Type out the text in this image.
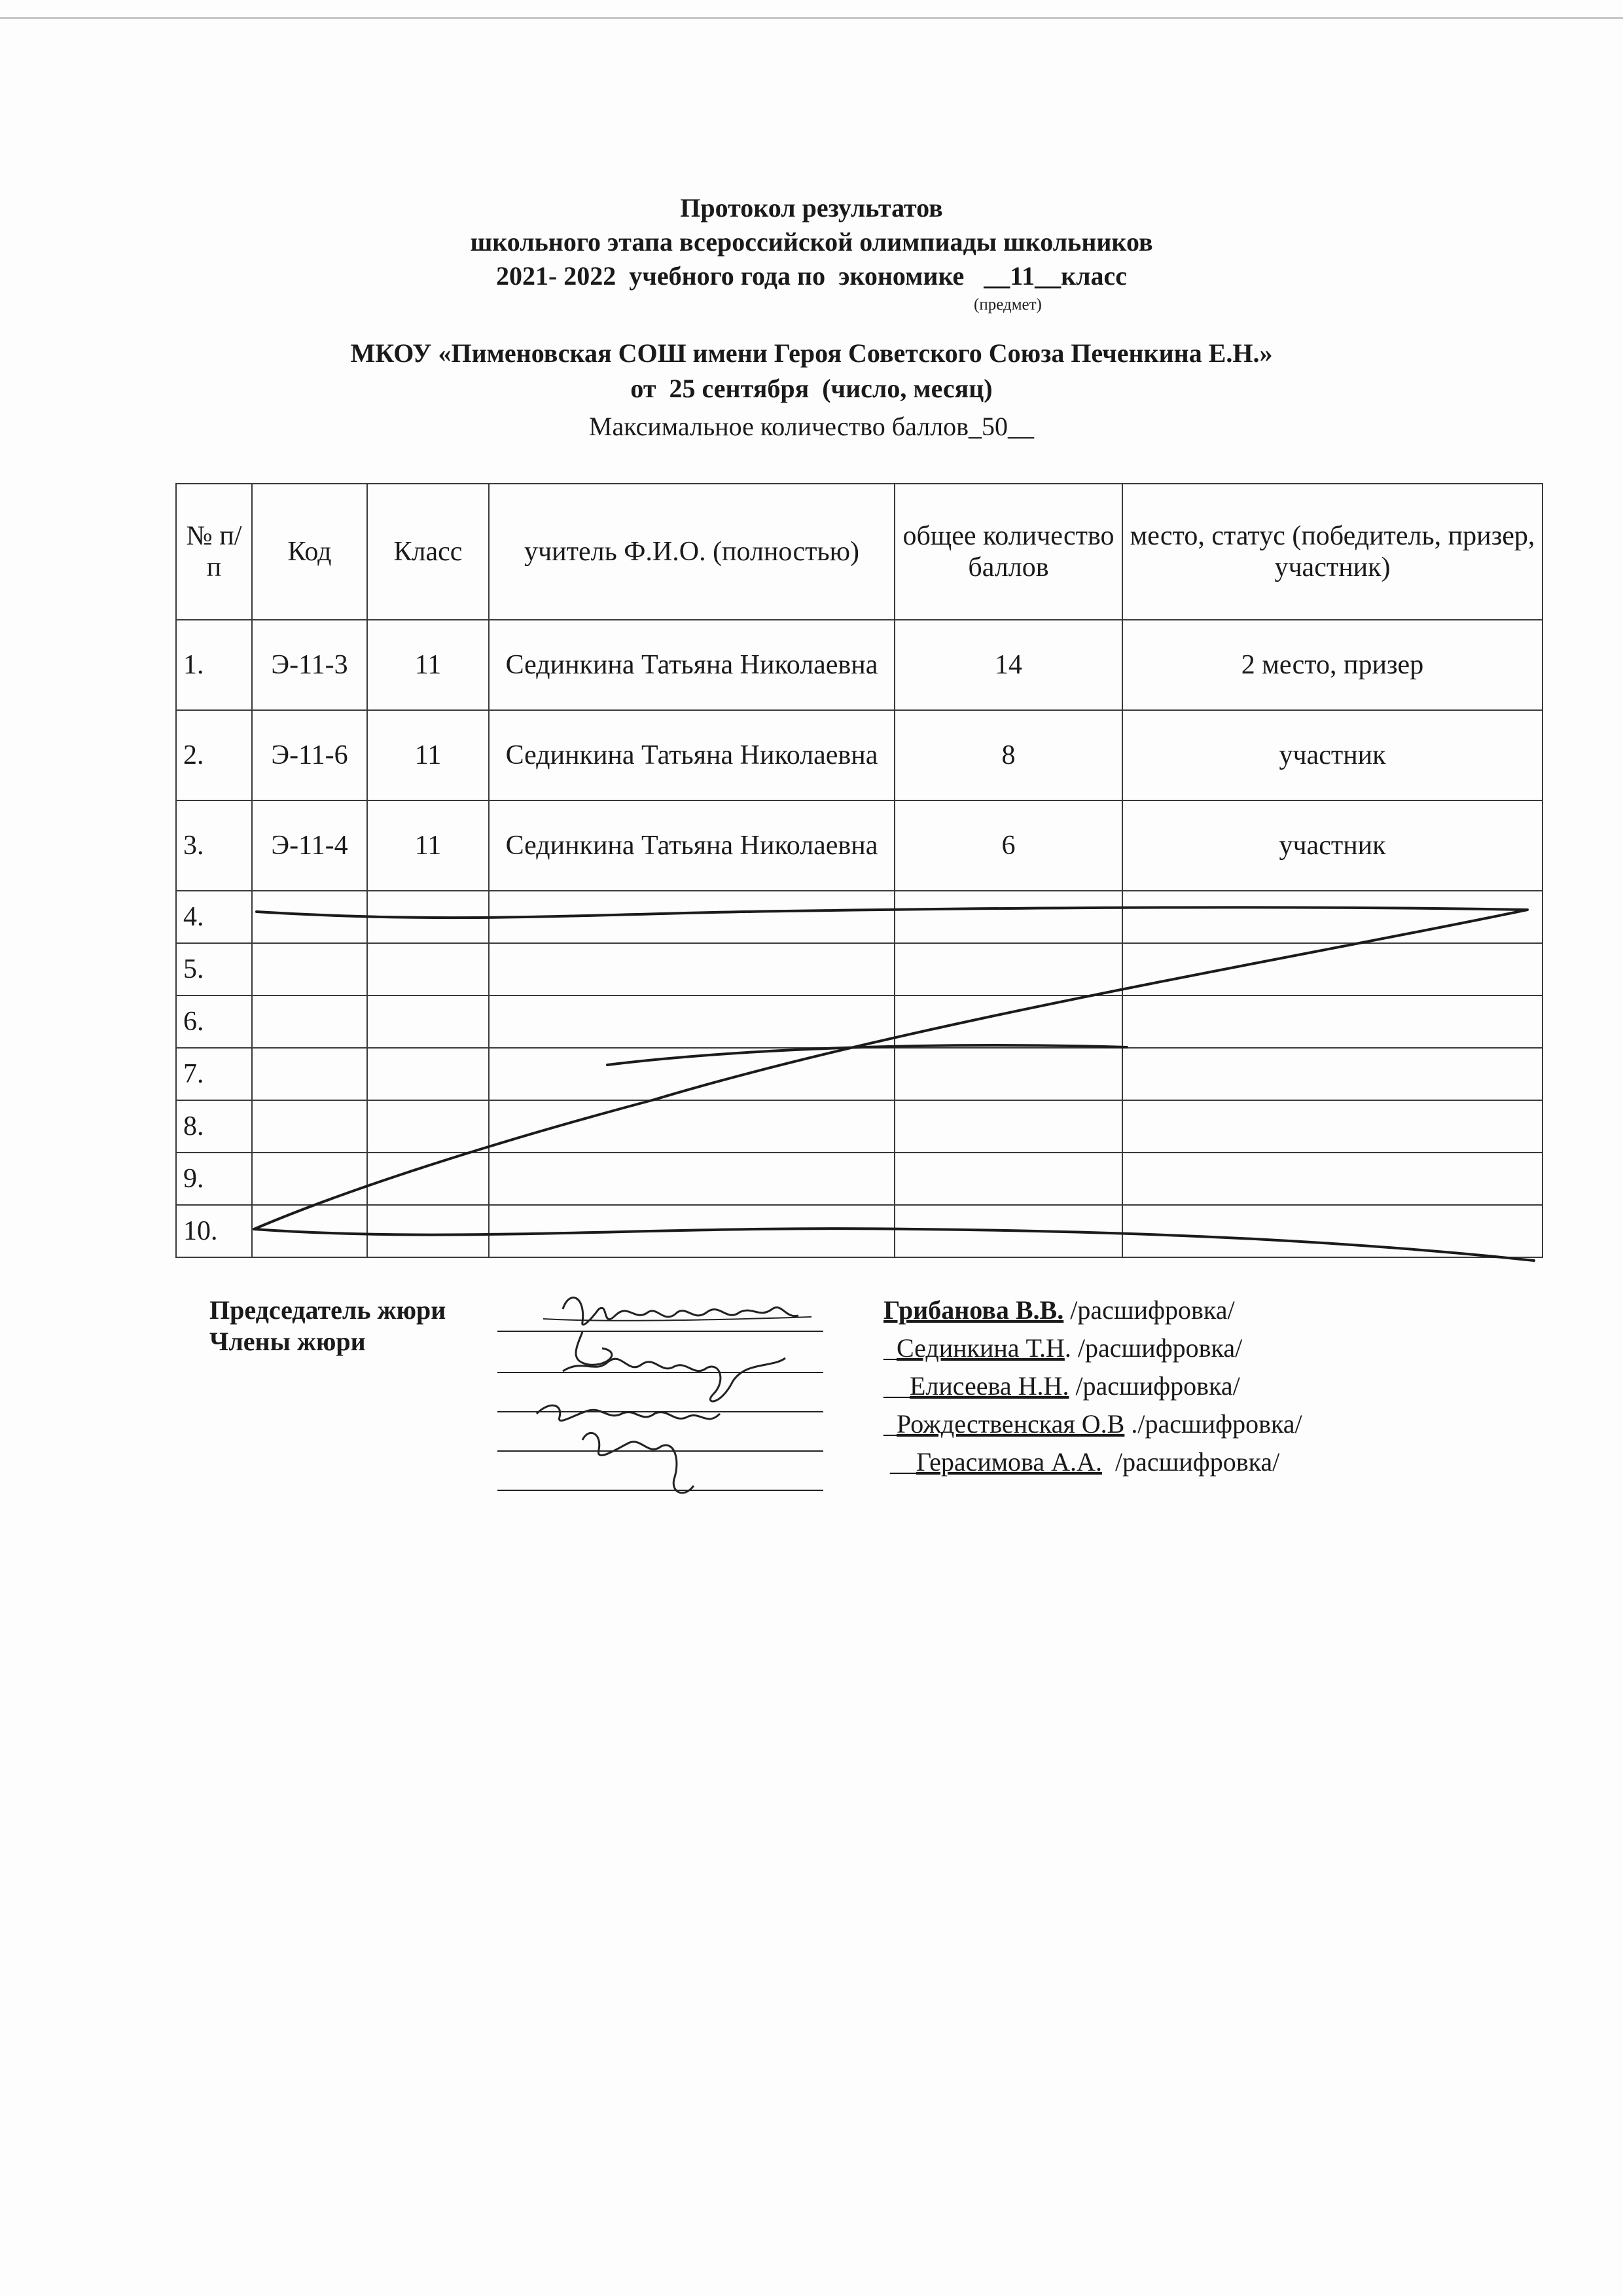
Протокол результатов
школьного этапа всероссийской олимпиады школьников
2021- 2022  учебного года по  экономике   __11__класс
(предмет)
МКОУ «Пименовская СОШ имени Героя Советского Союза Печенкина Е.Н.»
от  25 сентября  (число, месяц)
Максимальное количество баллов_50__
№ п/п	Код	Класс	учитель Ф.И.О. (полностью)	общее количество баллов	место, статус (победитель, призер, участник)
1.	Э-11-3	11	Сединкина Татьяна Николаевна	14	2 место, призер
2.	Э-11-6	11	Сединкина Татьяна Николаевна	8	участник
3.	Э-11-4	11	Сединкина Татьяна Николаевна	6	участник
4.					
5.					
6.					
7.					
8.					
9.					
10.					
Председатель жюри
Члены жюри
Грибанова В.В. /расшифровка/
_Сединкина Т.Н. /расшифровка/
__Елисеева Н.Н. /расшифровка/
_Рождественская О.В ./расшифровка/
__Герасимова А.А.  /расшифровка/
